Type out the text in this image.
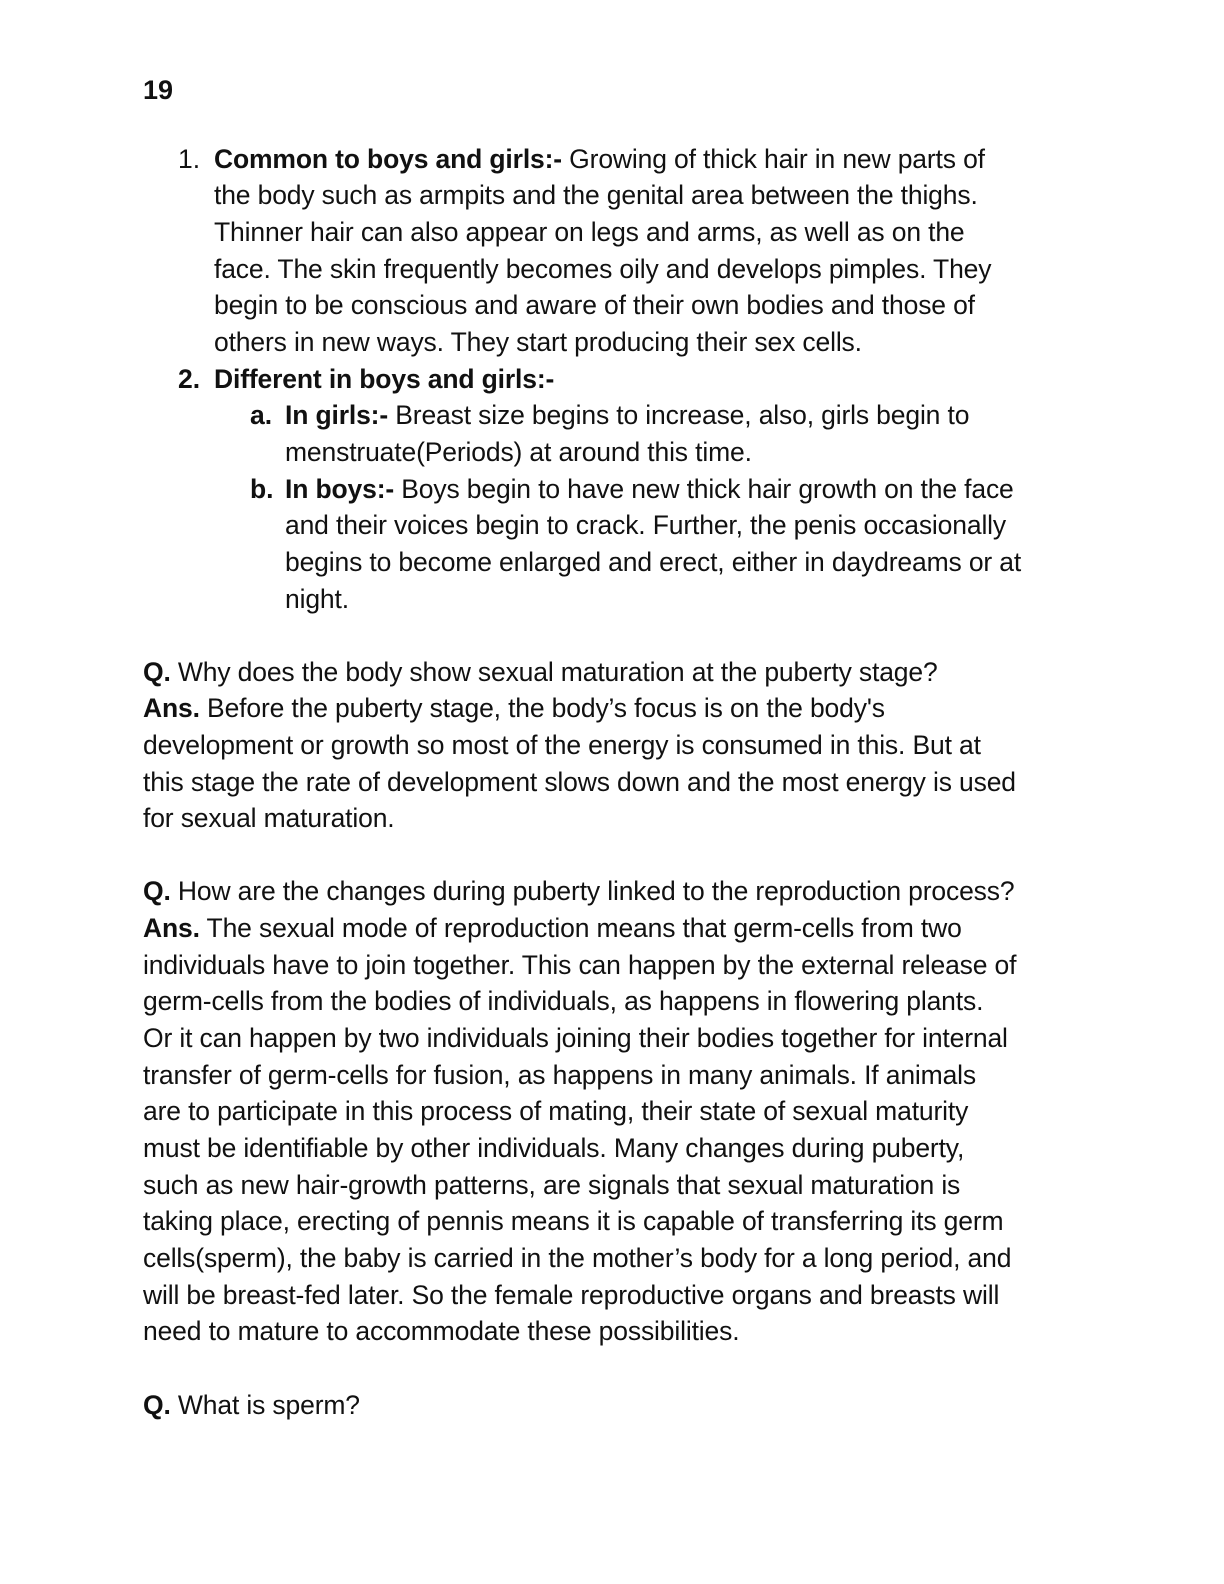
19
1. Common to boys and girls:- Growing of thick hair in new parts of
the body such as armpits and the genital area between the thighs.
Thinner hair can also appear on legs and arms, as well as on the
face. The skin frequently becomes oily and develops pimples. They
begin to be conscious and aware of their own bodies and those of
others in new ways. They start producing their sex cells.
2. Different in boys and girls:-
a. In girls:- Breast size begins to increase, also, girls begin to
menstruate(Periods) at around this time.
b. In boys:- Boys begin to have new thick hair growth on the face
and their voices begin to crack. Further, the penis occasionally
begins to become enlarged and erect, either in daydreams or at
night.
Q. Why does the body show sexual maturation at the puberty stage?
Ans. Before the puberty stage, the body’s focus is on the body's
development or growth so most of the energy is consumed in this. But at
this stage the rate of development slows down and the most energy is used
for sexual maturation.
Q. How are the changes during puberty linked to the reproduction process?
Ans. The sexual mode of reproduction means that germ-cells from two
individuals have to join together. This can happen by the external release of
germ-cells from the bodies of individuals, as happens in flowering plants.
Or it can happen by two individuals joining their bodies together for internal
transfer of germ-cells for fusion, as happens in many animals. If animals
are to participate in this process of mating, their state of sexual maturity
must be identifiable by other individuals. Many changes during puberty,
such as new hair-growth patterns, are signals that sexual maturation is
taking place, erecting of pennis means it is capable of transferring its germ
cells(sperm), the baby is carried in the mother’s body for a long period, and
will be breast-fed later. So the female reproductive organs and breasts will
need to mature to accommodate these possibilities.
Q. What is sperm?
